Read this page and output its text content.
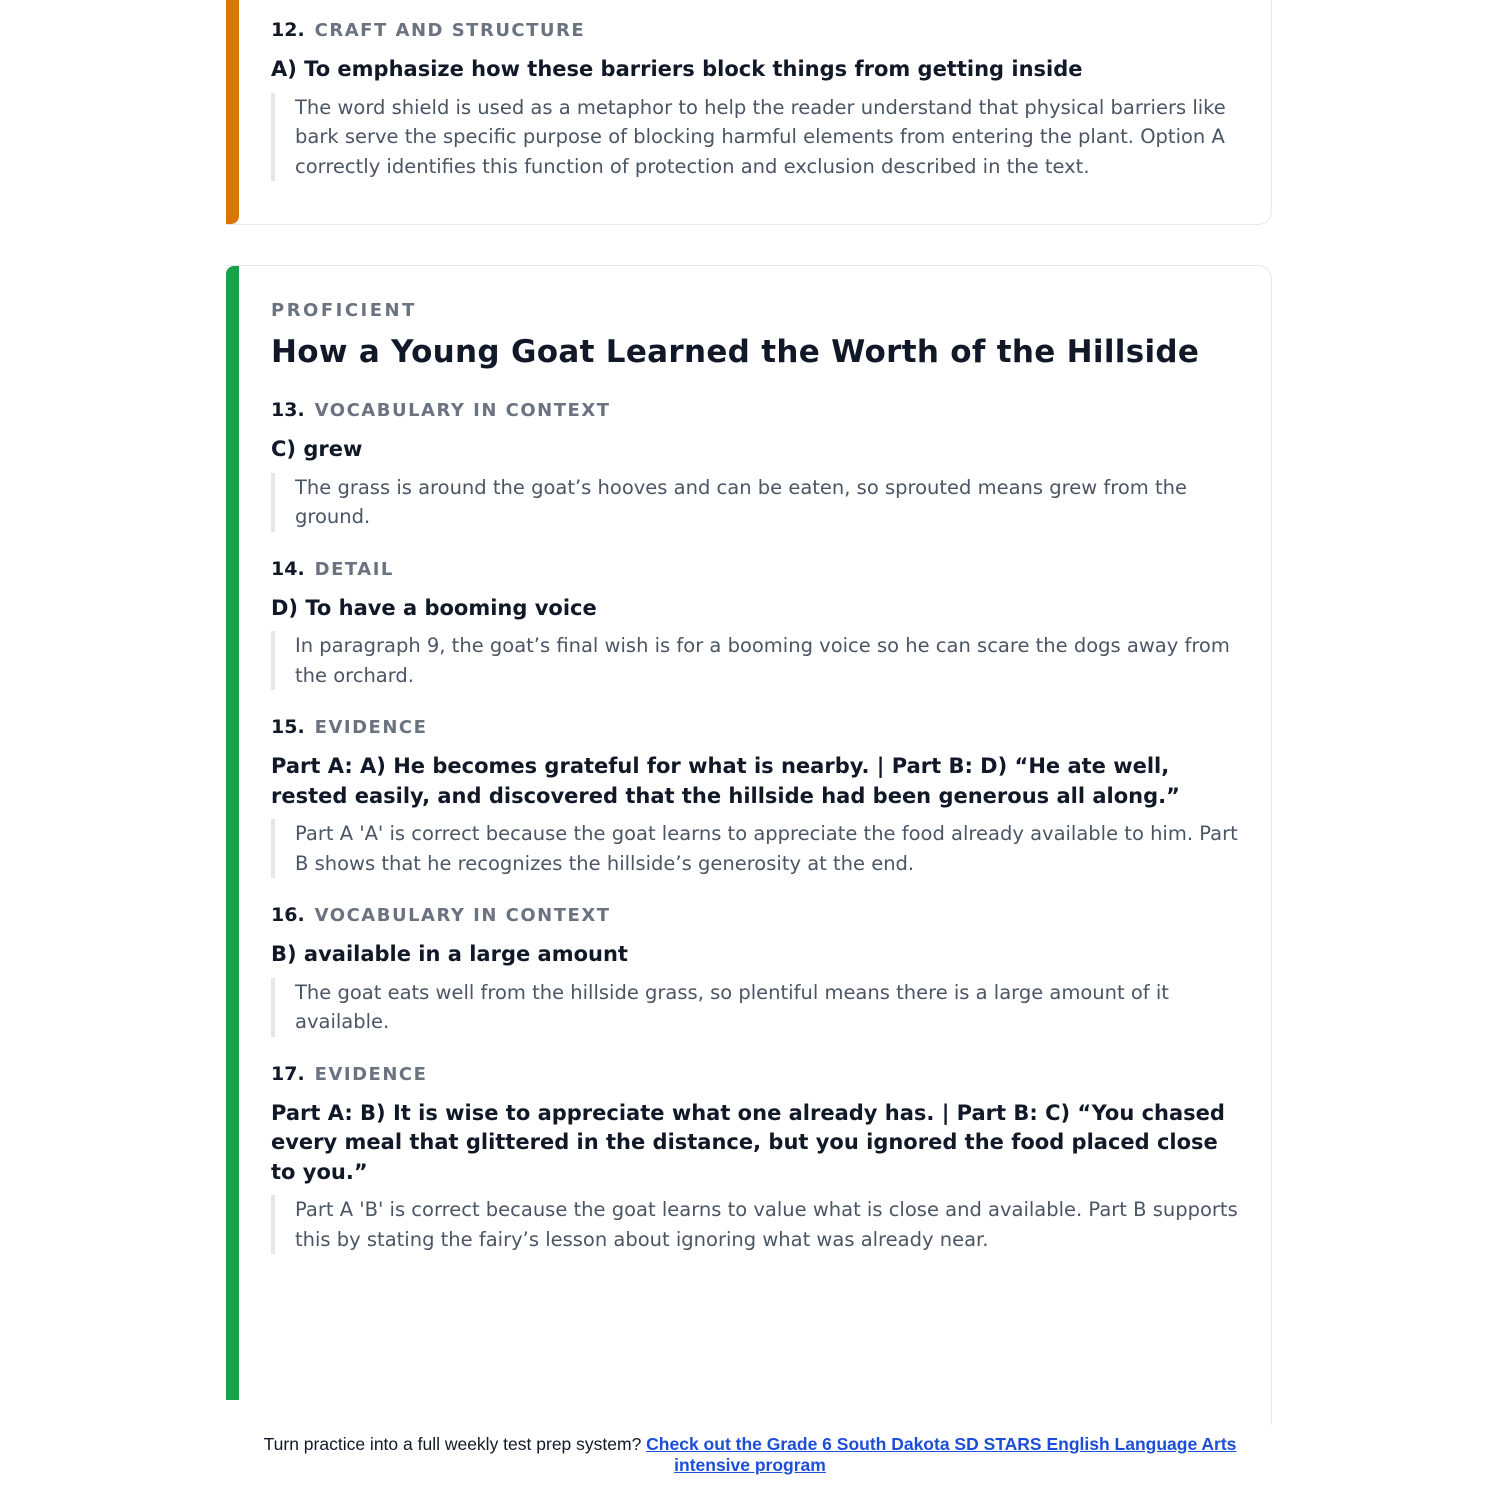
12. CRAFT AND STRUCTURE

A) To emphasize how these barriers block things from getting inside

The word shield is used as a metaphor to help the reader understand that physical barriers like bark serve the specific purpose of blocking harmful elements from entering the plant. Option A correctly identifies this function of protection and exclusion described in the text.

PROFICIENT
How a Young Goat Learned the Worth of the Hillside
13. VOCABULARY IN CONTEXT

C) grew

The grass is around the goat’s hooves and can be eaten, so sprouted means grew from the ground.

14. DETAIL

D) To have a booming voice

In paragraph 9, the goat’s final wish is for a booming voice so he can scare the dogs away from the orchard.

15. EVIDENCE

Part A: A) He becomes grateful for what is nearby. | Part B: D) “He ate well, rested easily, and discovered that the hillside had been generous all along.”

Part A 'A' is correct because the goat learns to appreciate the food already available to him. Part B shows that he recognizes the hillside’s generosity at the end.

16. VOCABULARY IN CONTEXT

B) available in a large amount

The goat eats well from the hillside grass, so plentiful means there is a large amount of it available.

17. EVIDENCE

Part A: B) It is wise to appreciate what one already has. | Part B: C) “You chased every meal that glittered in the distance, but you ignored the food placed close to you.”

Part A 'B' is correct because the goat learns to value what is close and available. Part B supports this by stating the fairy’s lesson about ignoring what was already near.

Turn practice into a full weekly test prep system? Check out the Grade 6 South Dakota SD STARS English Language Arts intensive program
